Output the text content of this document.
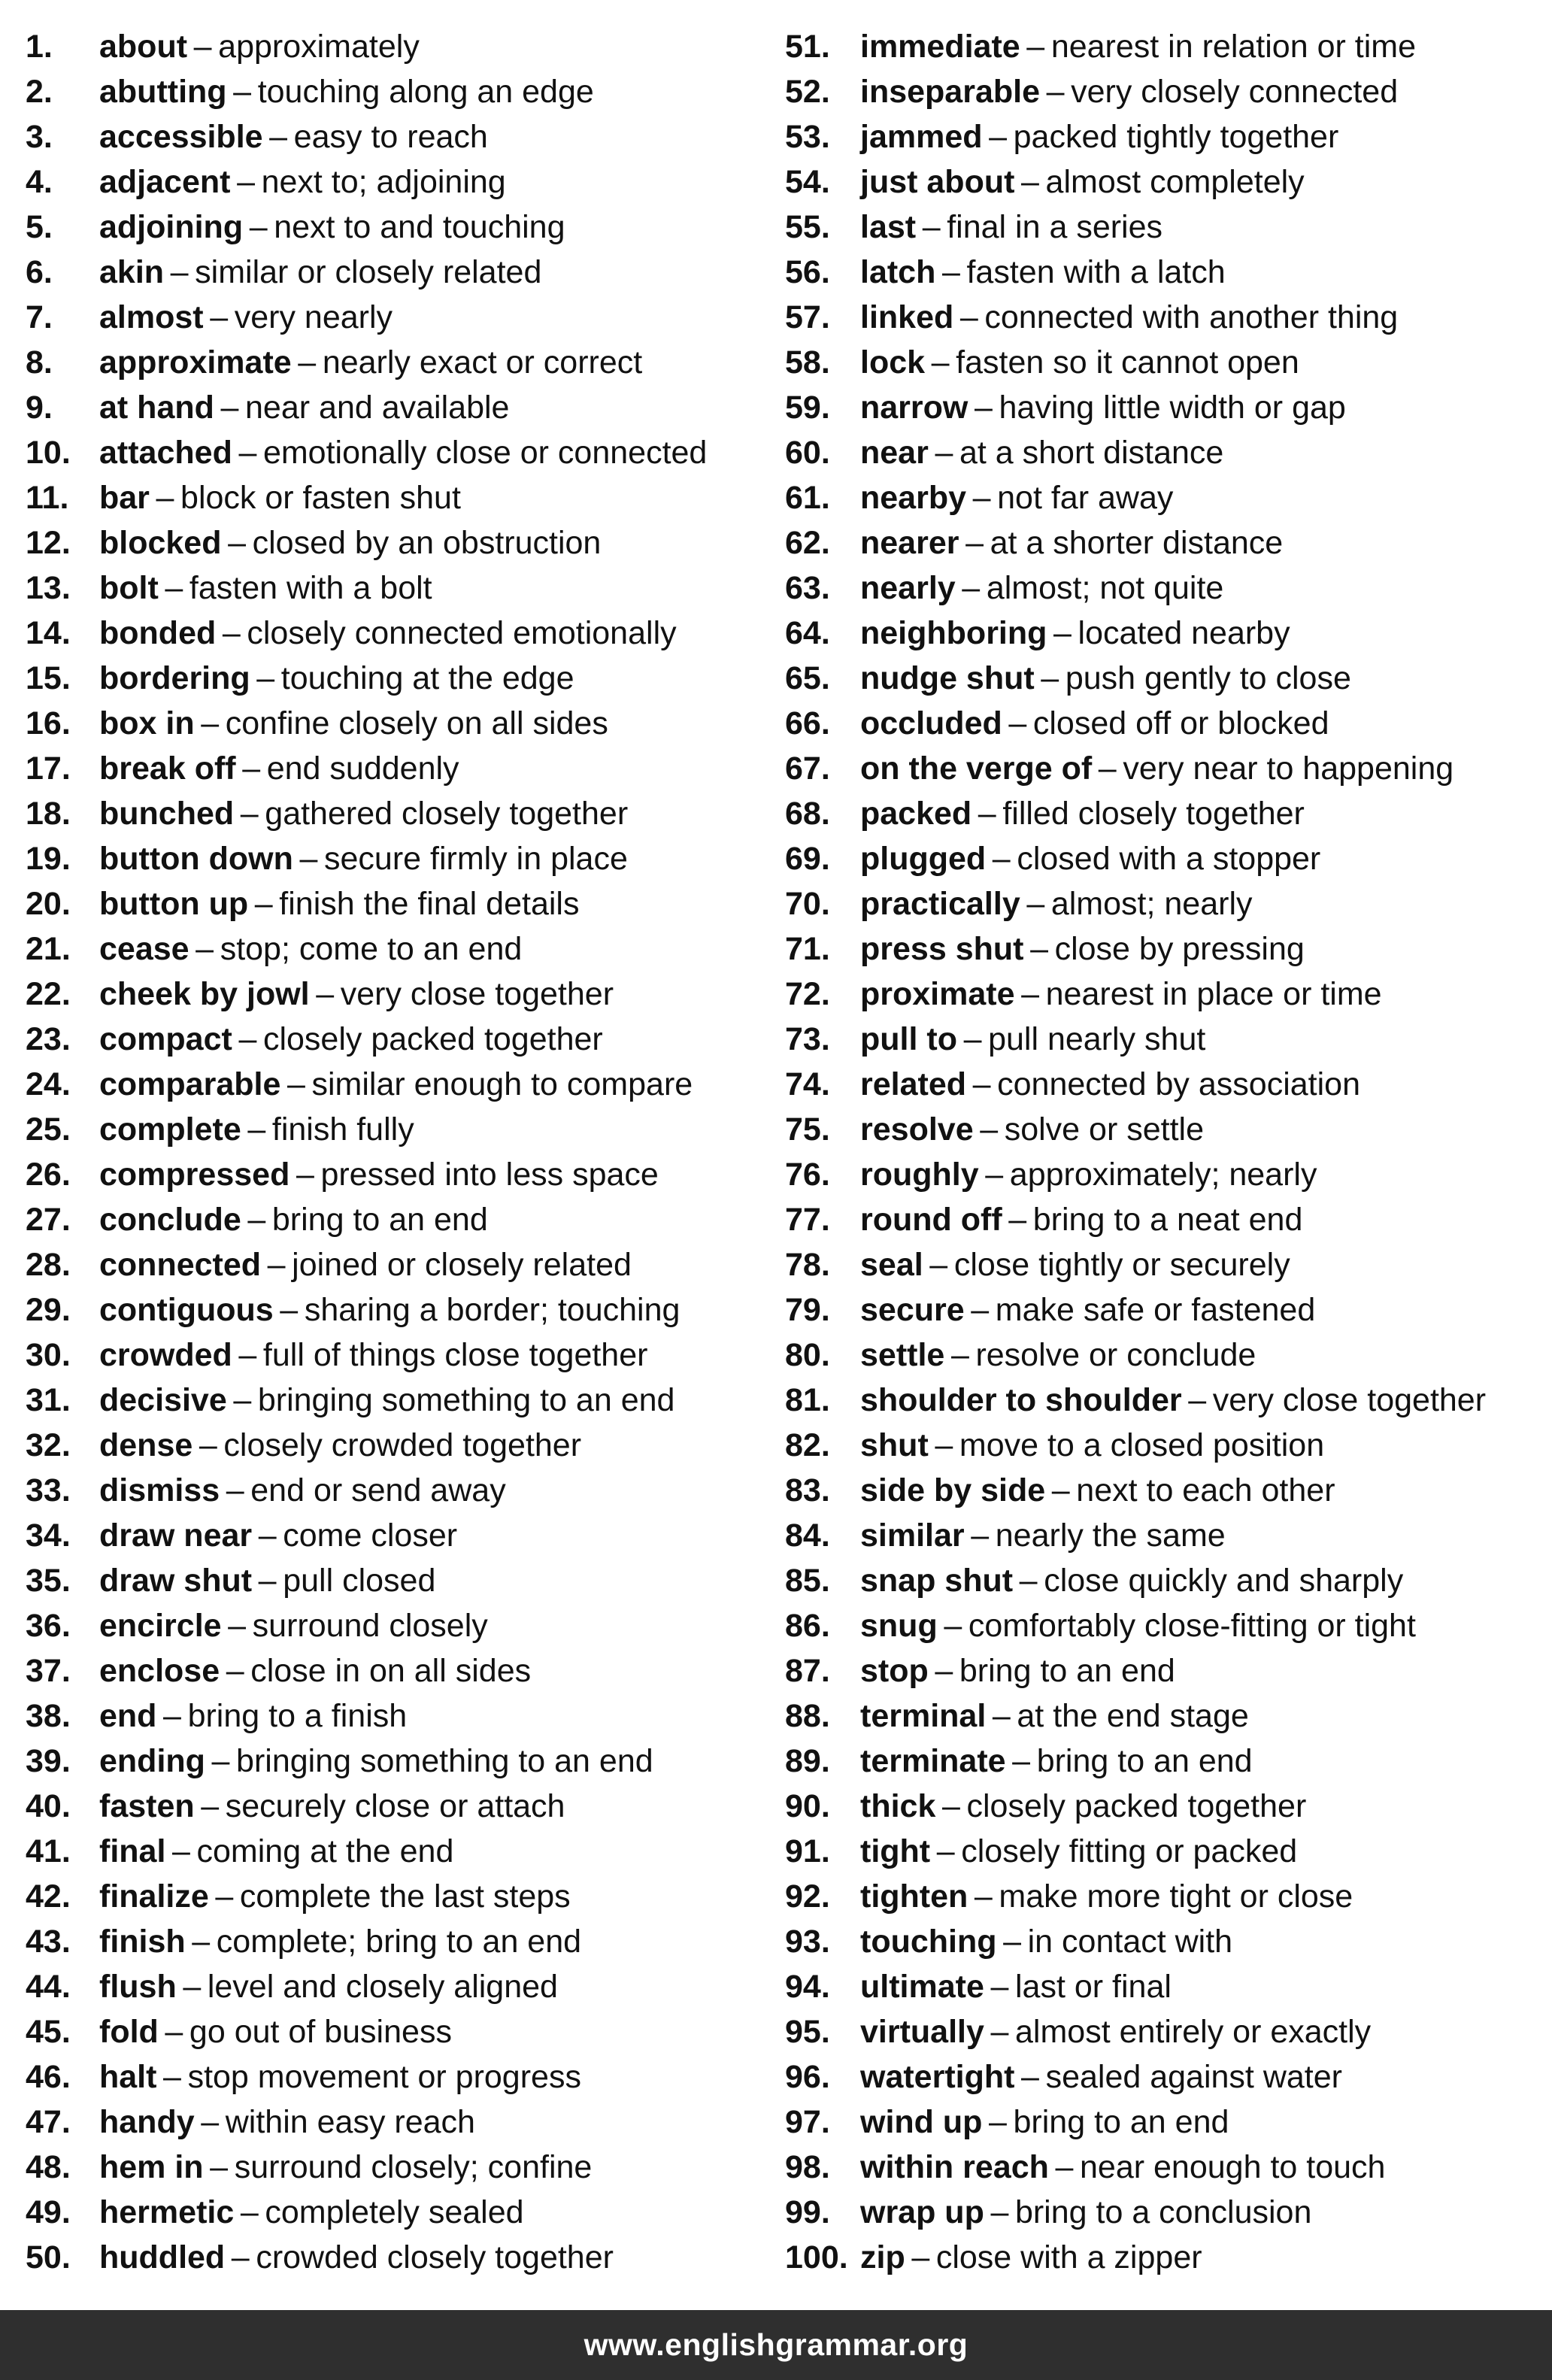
1. about – approximately
2. abutting – touching along an edge
3. accessible – easy to reach
4. adjacent – next to; adjoining
5. adjoining – next to and touching
6. akin – similar or closely related
7. almost – very nearly
8. approximate – nearly exact or correct
9. at hand – near and available
10. attached – emotionally close or connected
11. bar – block or fasten shut
12. blocked – closed by an obstruction
13. bolt – fasten with a bolt
14. bonded – closely connected emotionally
15. bordering – touching at the edge
16. box in – confine closely on all sides
17. break off – end suddenly
18. bunched – gathered closely together
19. button down – secure firmly in place
20. button up – finish the final details
21. cease – stop; come to an end
22. cheek by jowl – very close together
23. compact – closely packed together
24. comparable – similar enough to compare
25. complete – finish fully
26. compressed – pressed into less space
27. conclude – bring to an end
28. connected – joined or closely related
29. contiguous – sharing a border; touching
30. crowded – full of things close together
31. decisive – bringing something to an end
32. dense – closely crowded together
33. dismiss – end or send away
34. draw near – come closer
35. draw shut – pull closed
36. encircle – surround closely
37. enclose – close in on all sides
38. end – bring to a finish
39. ending – bringing something to an end
40. fasten – securely close or attach
41. final – coming at the end
42. finalize – complete the last steps
43. finish – complete; bring to an end
44. flush – level and closely aligned
45. fold – go out of business
46. halt – stop movement or progress
47. handy – within easy reach
48. hem in – surround closely; confine
49. hermetic – completely sealed
50. huddled – crowded closely together
51. immediate – nearest in relation or time
52. inseparable – very closely connected
53. jammed – packed tightly together
54. just about – almost completely
55. last – final in a series
56. latch – fasten with a latch
57. linked – connected with another thing
58. lock – fasten so it cannot open
59. narrow – having little width or gap
60. near – at a short distance
61. nearby – not far away
62. nearer – at a shorter distance
63. nearly – almost; not quite
64. neighboring – located nearby
65. nudge shut – push gently to close
66. occluded – closed off or blocked
67. on the verge of – very near to happening
68. packed – filled closely together
69. plugged – closed with a stopper
70. practically – almost; nearly
71. press shut – close by pressing
72. proximate – nearest in place or time
73. pull to – pull nearly shut
74. related – connected by association
75. resolve – solve or settle
76. roughly – approximately; nearly
77. round off – bring to a neat end
78. seal – close tightly or securely
79. secure – make safe or fastened
80. settle – resolve or conclude
81. shoulder to shoulder – very close together
82. shut – move to a closed position
83. side by side – next to each other
84. similar – nearly the same
85. snap shut – close quickly and sharply
86. snug – comfortably close-fitting or tight
87. stop – bring to an end
88. terminal – at the end stage
89. terminate – bring to an end
90. thick – closely packed together
91. tight – closely fitting or packed
92. tighten – make more tight or close
93. touching – in contact with
94. ultimate – last or final
95. virtually – almost entirely or exactly
96. watertight – sealed against water
97. wind up – bring to an end
98. within reach – near enough to touch
99. wrap up – bring to a conclusion
100. zip – close with a zipper
www.englishgrammar.org
